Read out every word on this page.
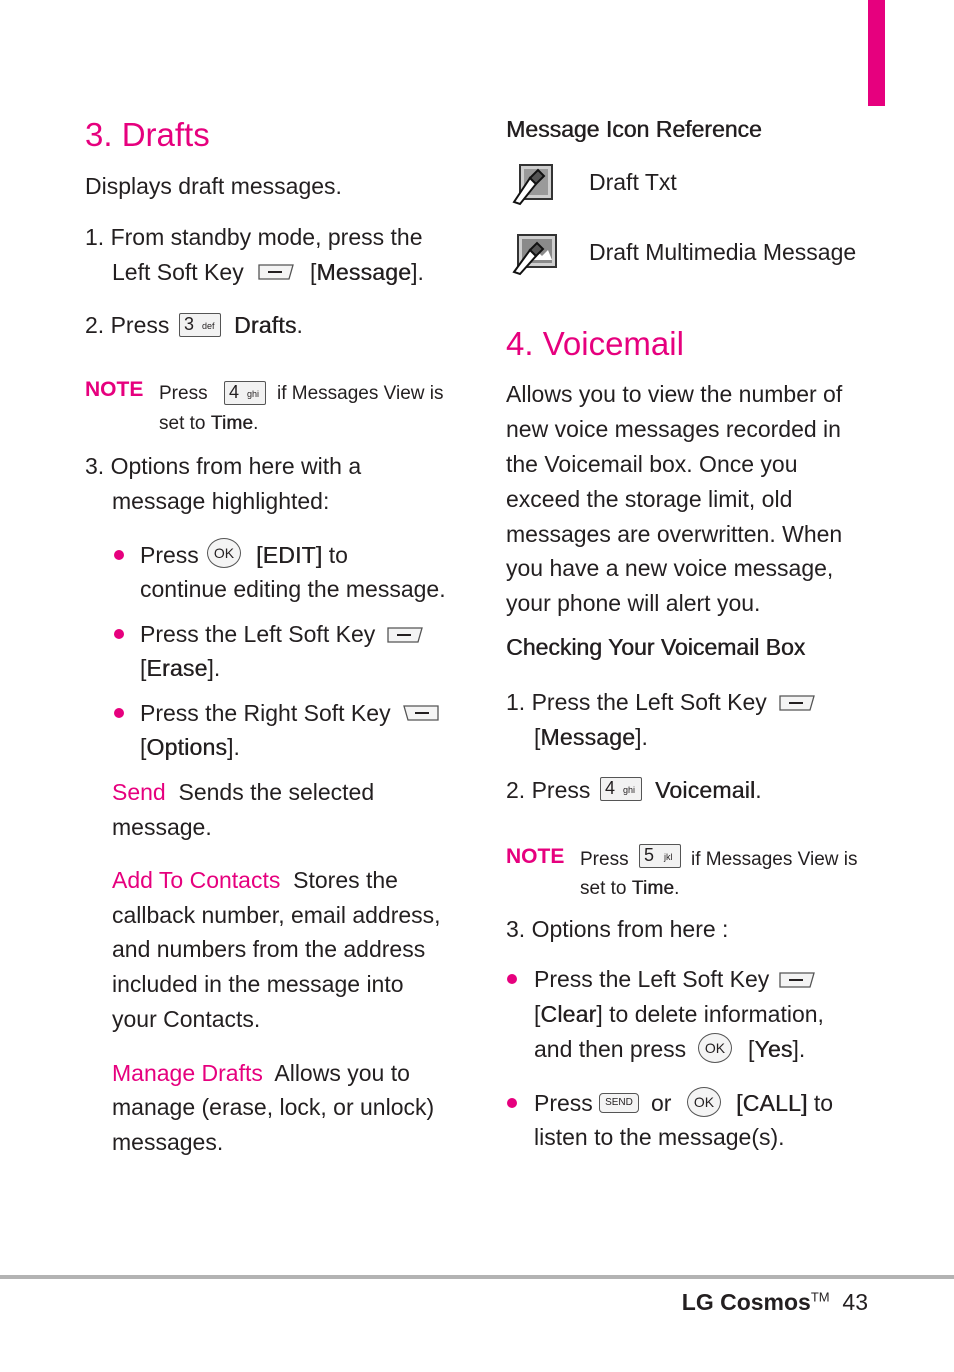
3. Drafts
Displays draft messages.
1. From standby mode, press the
Left Soft Key	[Message].
2. Press 3 def Drafts.
NOTE Press 4 ghi if Messages View is
set to Time.
3. Options from here with a
message highlighted:
Press	OK [EDIT] to
continue editing the message.
Press the Left Soft Key
[Erase].
Press the Right Soft Key
[Options].
Send Sends the selected
message.
Add To Contacts Stores the
callback number, email address,
and numbers from the address
included in the message into
your Contacts.
Manage Drafts Allows you to
manage (erase, lock, or unlock)
messages.
Message Icon Reference
Draft Txt
Draft Multimedia Message
4. Voicemail
Allows you to view the number of
new voice messages recorded in
the Voicemail box. Once you
exceed the storage limit, old
messages are overwritten. When
you have a new voice message,
your phone will alert you.
Checking Your Voicemail Box
1. Press the Left Soft Key
[Message].
2. Press 4 ghi Voicemail.
NOTE Press 5 jkl if Messages View is
set to Time.
3. Options from here :
Press the Left Soft Key
[Clear] to delete information,
and then press	OK [Yes].
Press	SEND or	OK [CALL] to
listen to the message(s).
LG Cosmos™ 43
